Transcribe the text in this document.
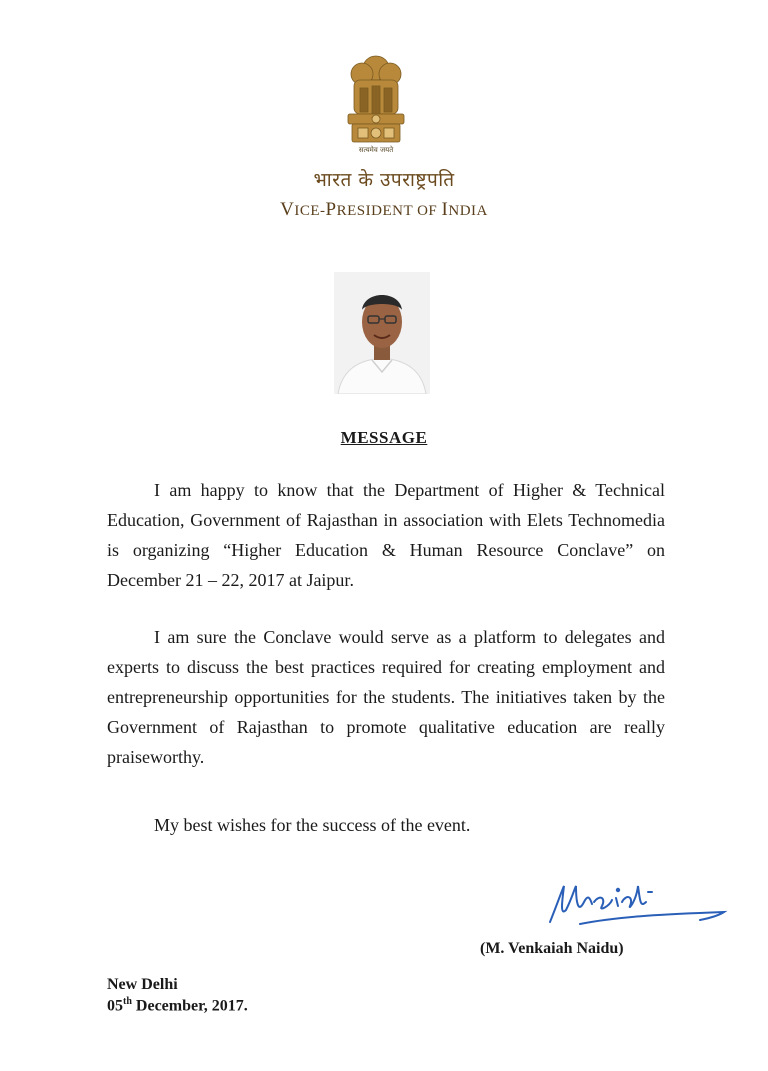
सत्यमेव जयते
भारत के उपराष्ट्रपति
VICE-PRESIDENT OF INDIA
MESSAGE
I am happy to know that the Department of Higher & Technical Education, Government of Rajasthan in association with Elets Technomedia is organizing “Higher Education & Human Resource Conclave” on December 21 – 22, 2017 at Jaipur.
I am sure the Conclave would serve as a platform to delegates and experts to discuss the best practices required for creating employment and entrepreneurship opportunities for the students. The initiatives taken by the Government of Rajasthan to promote qualitative education are really praiseworthy.
My best wishes for the success of the event.
(M. Venkaiah Naidu)
New Delhi
05th December, 2017.
